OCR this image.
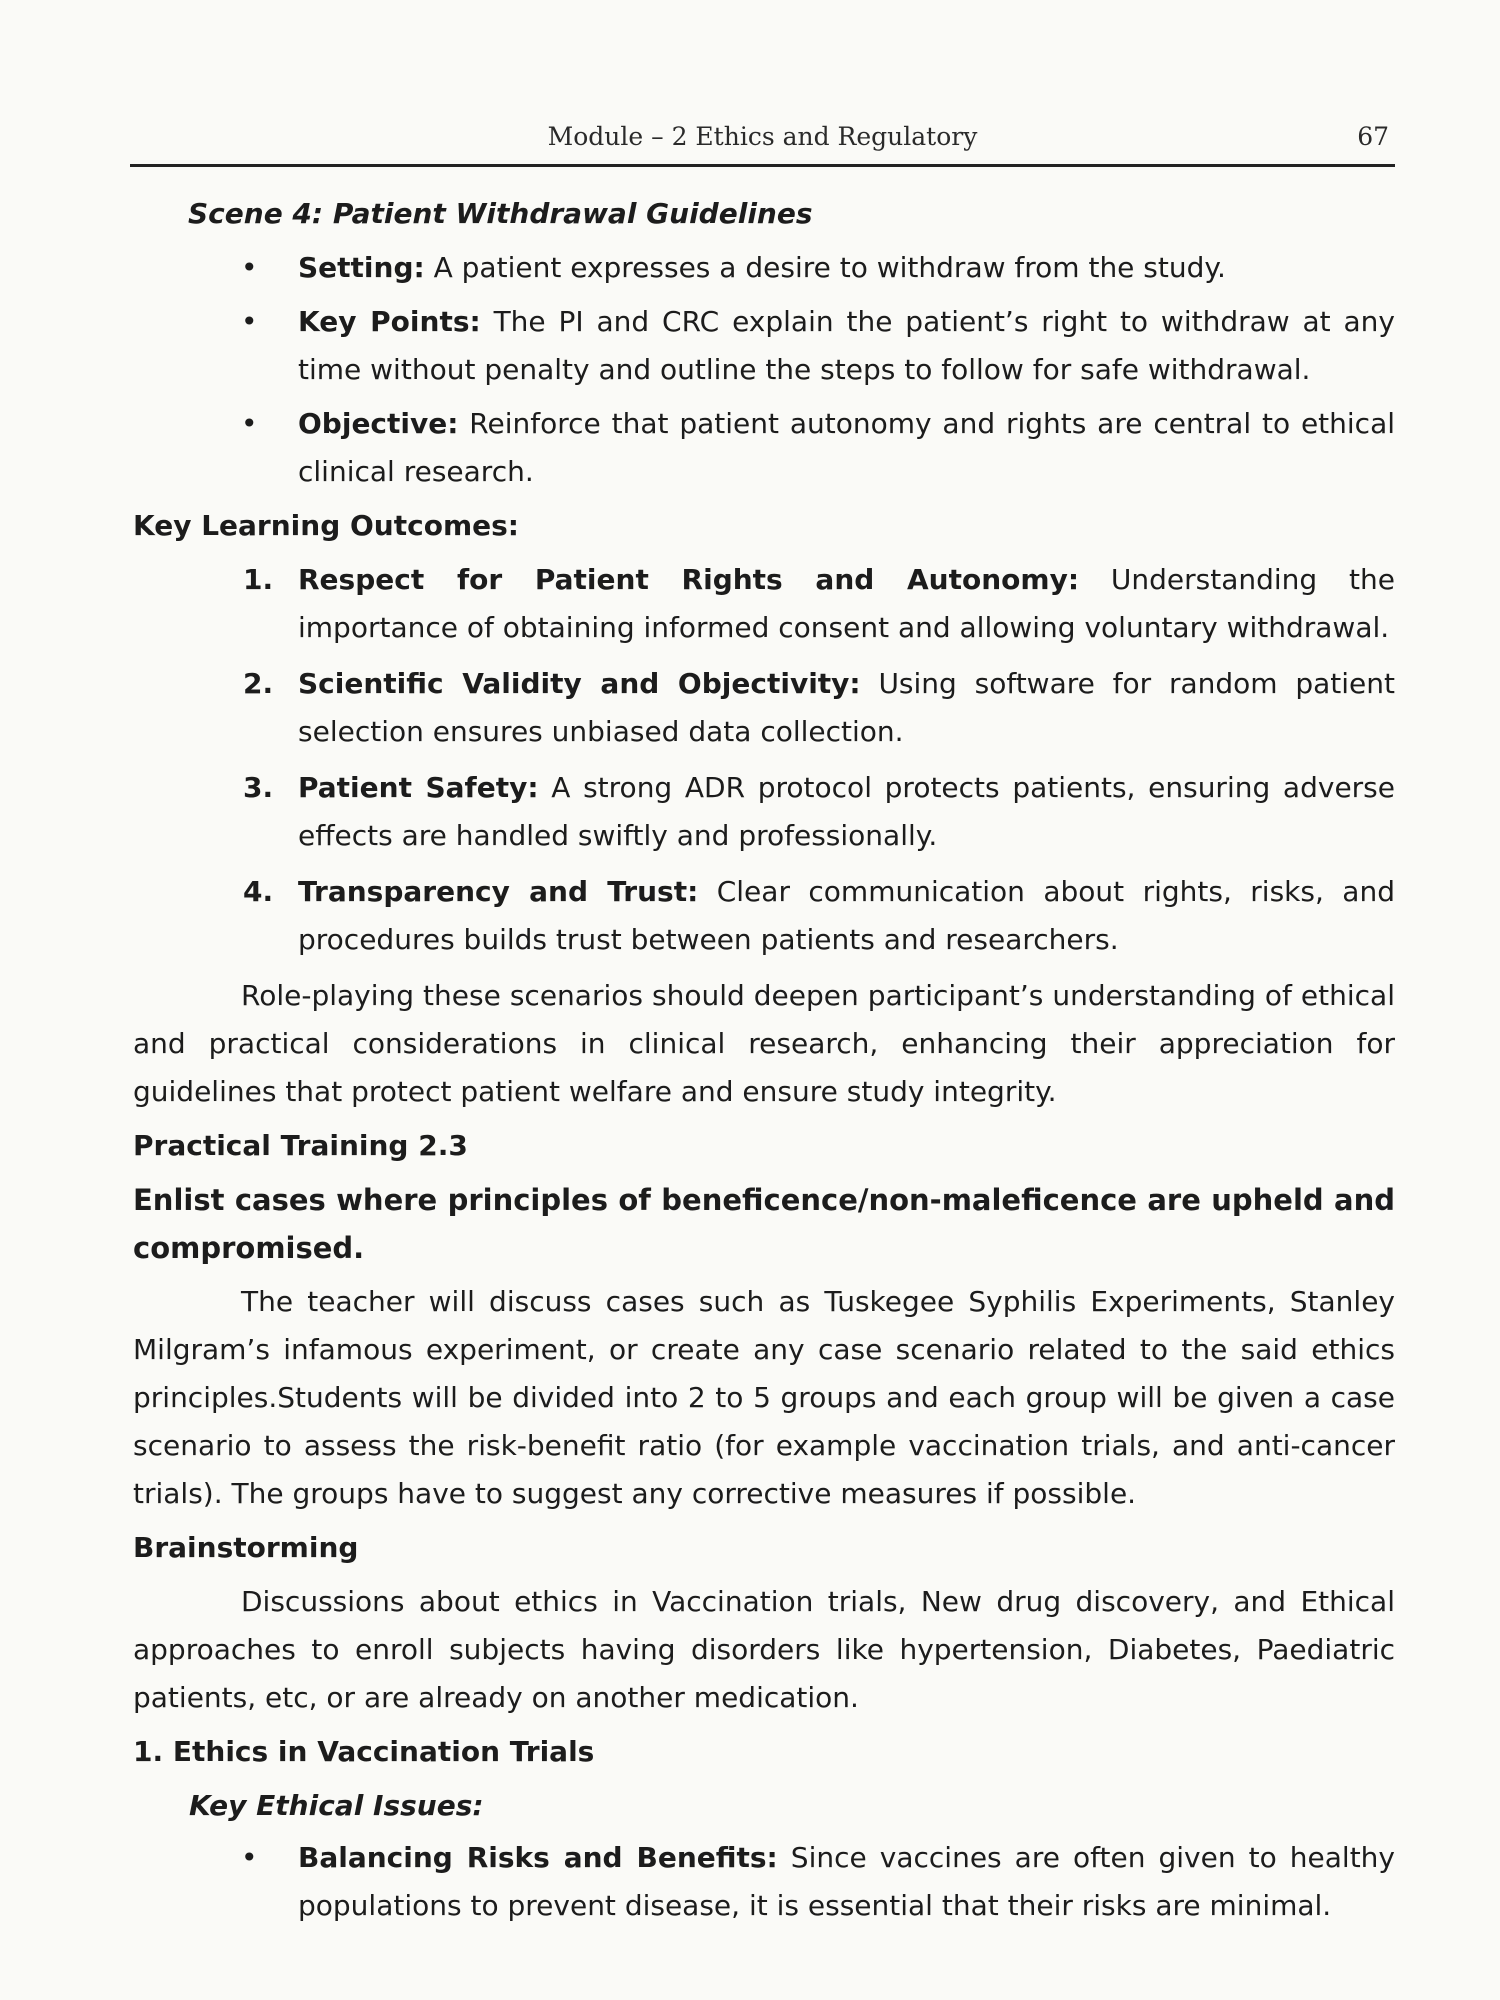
Module – 2 Ethics and Regulatory	67
Scene 4: Patient Withdrawal Guidelines
• Setting: A patient expresses a desire to withdraw from the study.
• Key Points: The PI and CRC explain the patient’s right to withdraw at any time without penalty and outline the steps to follow for safe withdrawal.
• Objective: Reinforce that patient autonomy and rights are central to ethical clinical research.
Key Learning Outcomes:
1. Respect for Patient Rights and Autonomy: Understanding the importance of obtaining informed consent and allowing voluntary withdrawal.
2. Scientific Validity and Objectivity: Using software for random patient selection ensures unbiased data collection.
3. Patient Safety: A strong ADR protocol protects patients, ensuring adverse effects are handled swiftly and professionally.
4. Transparency and Trust: Clear communication about rights, risks, and procedures builds trust between patients and researchers.

Role-playing these scenarios should deepen participant’s understanding of ethical and practical considerations in clinical research, enhancing their appreciation for guidelines that protect patient welfare and ensure study integrity.

Practical Training 2.3
Enlist cases where principles of beneficence/non-maleficence are upheld and compromised.

The teacher will discuss cases such as Tuskegee Syphilis Experiments, Stanley Milgram’s infamous experiment, or create any case scenario related to the said ethics principles.Students will be divided into 2 to 5 groups and each group will be given a case scenario to assess the risk-benefit ratio (for example vaccination trials, and anti-cancer trials). The groups have to suggest any corrective measures if possible.

Brainstorming

Discussions about ethics in Vaccination trials, New drug discovery, and Ethical approaches to enroll subjects having disorders like hypertension, Diabetes, Paediatric patients, etc, or are already on another medication.

1. Ethics in Vaccination Trials
Key Ethical Issues:
• Balancing Risks and Benefits: Since vaccines are often given to healthy populations to prevent disease, it is essential that their risks are minimal.
